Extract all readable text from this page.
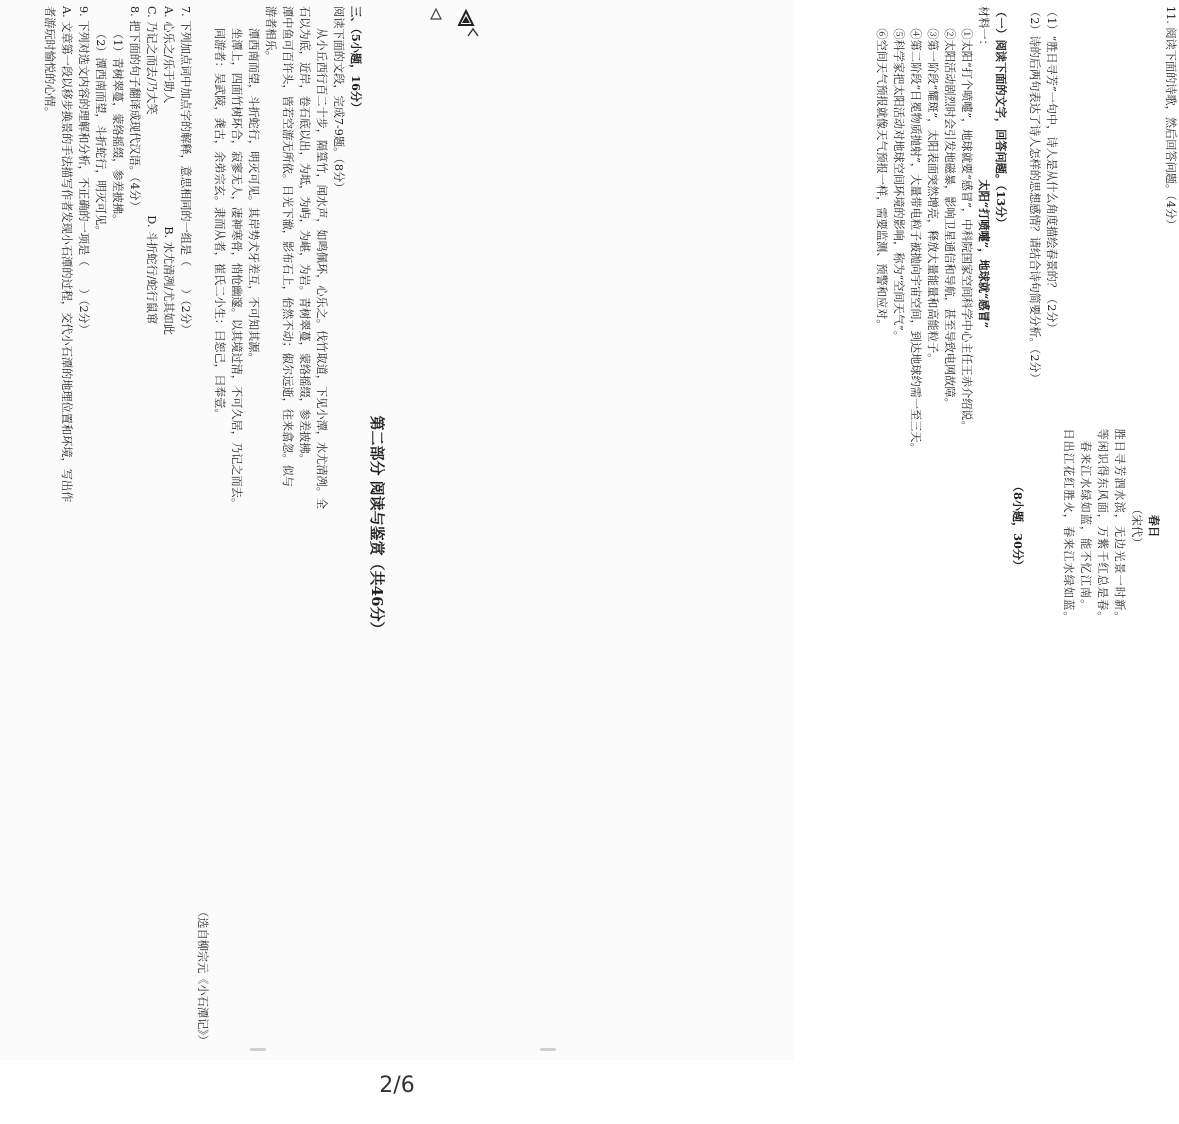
第二部分 阅读与鉴赏（共46分）

三、（5小题，16分）

阅读下面的文段，完成7-9题。（8分）

从小丘西行百二十步，隔篁竹，闻水声，如鸣佩环，心乐之。伐竹取道，下见小潭，水尤清冽。全

石以为底，近岸，卷石底以出，为坻，为屿，为嵁，为岩。青树翠蔓，蒙络摇缀，参差披拂。

潭中鱼可百许头，皆若空游无所依。日光下澈，影布石上，佁然不动；俶尔远逝，往来翕忽。似与

游者相乐。

潭西南而望，斗折蛇行，明灭可见。其岸势犬牙差互，不可知其源。

坐潭上，四面竹树环合，寂寥无人，凄神寒骨，悄怆幽邃。以其境过清，不可久居，乃记之而去。

同游者：吴武陵，龚古，余弟宗玄。隶而从者，崔氏二小生：曰恕己，曰奉壹。

（选自柳宗元《小石潭记》）

7. 下列加点词中加点字的解释，意思相同的一组是（　　）（2分）

A. 心乐之/乐于助人　　　　　　　　　　　B. 水尤清冽/尤其如此

C. 乃记之而去/乃大笑　　　　　　　　　D. 斗折蛇行/蛇行鼠窜

8. 把下面的句子翻译成现代汉语。（4分）

（1）青树翠蔓，蒙络摇缀，参差披拂。

（2）潭西南而望，斗折蛇行，明灭可见。

9. 下列对选文内容的理解和分析，不正确的一项是（　　）（2分）

A. 文章第一段以移步换景的手法描写作者发现小石潭的过程，交代小石潭的地理位置和环境，写出作

者游玩时愉悦的心情。	11. 阅读下面的诗歌，然后回答问题。（4分）

春日

（宋代）

胜日寻芳泗水滨，无边光景一时新。

等闲识得东风面，万紫千红总是春。

春来江水绿如蓝，能不忆江南。

日出江花红胜火，春来江水绿如蓝。

（1）“胜日寻芳”一句中，诗人是从什么角度描绘春景的？（2分）

（2）诗的后两句表达了诗人怎样的思想感情？请结合诗句简要分析。（2分）

（8小题，30分）

（一）阅读下面的文字，回答问题。（13分）

材料一：　　　　　　　　　　　　太阳“打喷嚏”，地球就“感冒”

　　①太阳“打个喷嚏”，地球就要“感冒”，中科院国家空间科学中心主任王赤介绍说。

　　②太阳活动剧烈时会引发地磁暴，影响卫星通信和导航，甚至导致电网故障。

　　③第一阶段“耀斑”，太阳表面突然增亮，释放大量能量和高能粒子。

　　④第二阶段“日冕物质抛射”，大量带电粒子被抛向宇宙空间，到达地球约需一至三天。

　　⑤科学家把太阳活动对地球空间环境的影响，称为“空间天气”。

　　⑥空间天气预报就像天气预报一样，需要监测、预警和应对。

2/6
